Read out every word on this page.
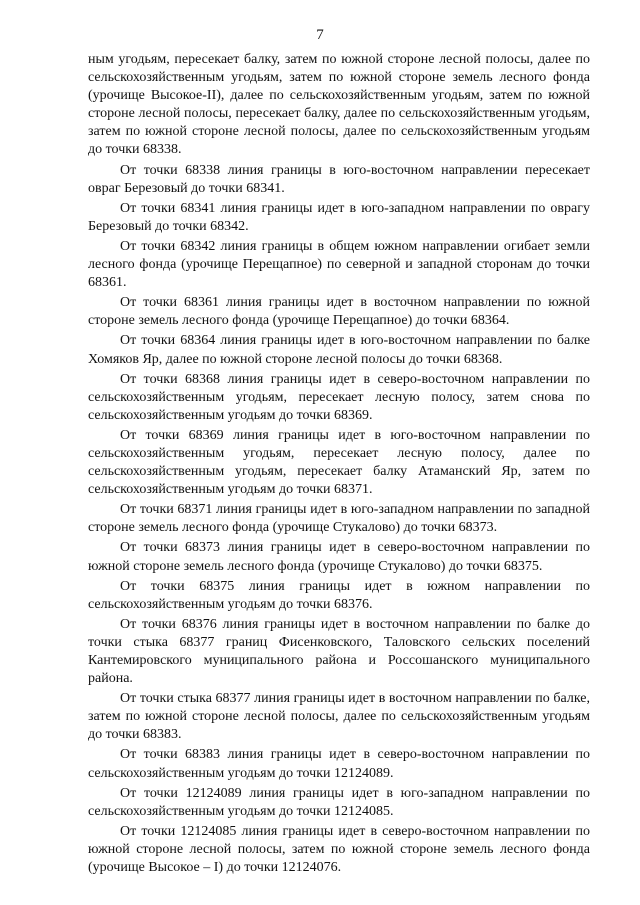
7

ным угодьям, пересекает балку, затем по южной стороне лесной полосы, далее по сельскохозяйственным угодьям, затем по южной стороне земель лесного фонда (урочище Высокое-II), далее по сельскохозяйственным угодьям, затем по южной стороне лесной полосы, пересекает балку, далее по сельскохозяйственным угодьям, затем по южной стороне лесной полосы, далее по сельскохозяйственным угодьям до точки 68338.

От точки 68338 линия границы в юго-восточном направлении пересекает овраг Березовый до точки 68341.

От точки 68341 линия границы идет в юго-западном направлении по оврагу Березовый до точки 68342.

От точки 68342 линия границы в общем южном направлении огибает земли лесного фонда (урочище Перещапное) по северной и западной сторонам до точки 68361.

От точки 68361 линия границы идет в восточном направлении по южной стороне земель лесного фонда (урочище Перещапное) до точки 68364.

От точки 68364 линия границы идет в юго-восточном направлении по балке Хомяков Яр, далее по южной стороне лесной полосы до точки 68368.

От точки 68368 линия границы идет в северо-восточном направлении по сельскохозяйственным угодьям, пересекает лесную полосу, затем снова по сельскохозяйственным угодьям до точки 68369.

От точки 68369 линия границы идет в юго-восточном направлении по сельскохозяйственным угодьям, пересекает лесную полосу, далее по сельскохозяйственным угодьям, пересекает балку Атаманский Яр, затем по сельскохозяйственным угодьям до точки 68371.

От точки 68371 линия границы идет в юго-западном направлении по западной стороне земель лесного фонда (урочище Стукалово) до точки 68373.

От точки 68373 линия границы идет в северо-восточном направлении по южной стороне земель лесного фонда (урочище Стукалово) до точки 68375.

От точки 68375 линия границы идет в южном направлении по сельскохозяйственным угодьям до точки 68376.

От точки 68376 линия границы идет в восточном направлении по балке до точки стыка 68377 границ Фисенковского, Таловского сельских поселений Кантемировского муниципального района и Россошанского муниципального района.

От точки стыка 68377 линия границы идет в восточном направлении по балке, затем по южной стороне лесной полосы, далее по сельскохозяйственным угодьям до точки 68383.

От точки 68383 линия границы идет в северо-восточном направлении по сельскохозяйственным угодьям до точки 12124089.

От точки 12124089 линия границы идет в юго-западном направлении по сельскохозяйственным угодьям до точки 12124085.

От точки 12124085 линия границы идет в северо-восточном направлении по южной стороне лесной полосы, затем по южной стороне земель лесного фонда (урочище Высокое – I) до точки 12124076.
